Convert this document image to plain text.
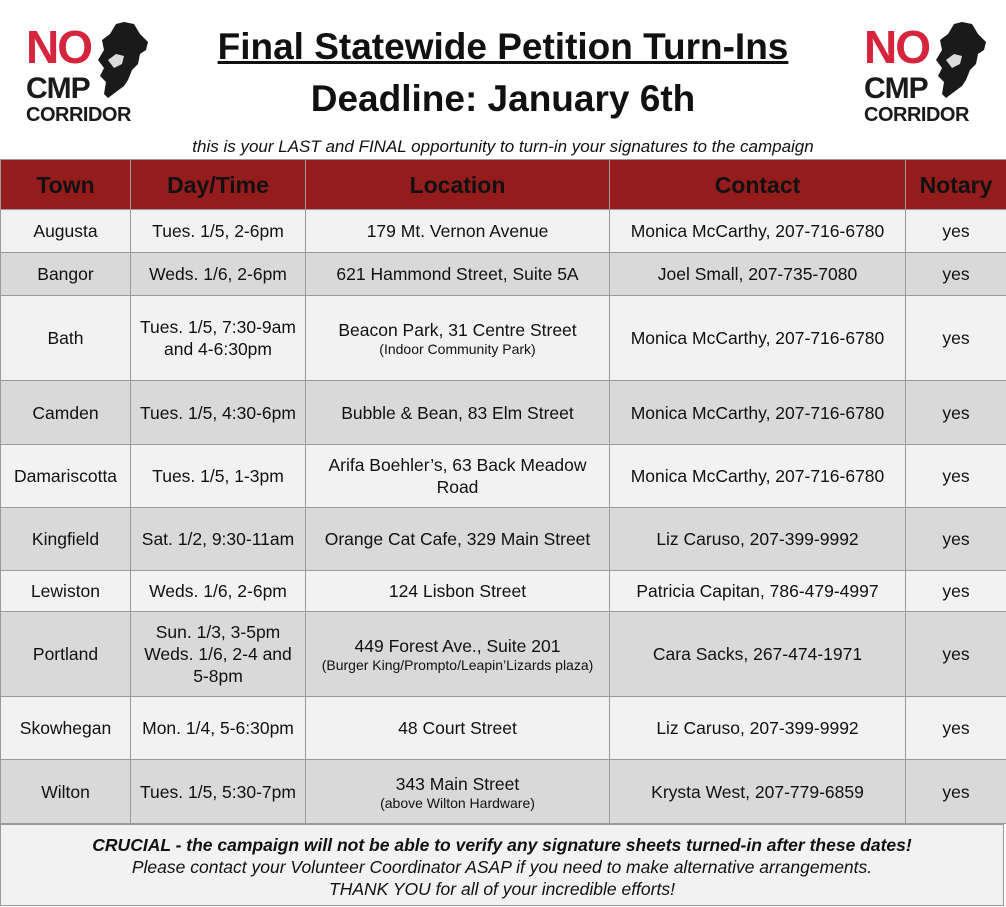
NO
CMP
CORRIDOR
NO
CMP
CORRIDOR
Final Statewide Petition Turn-Ins
Deadline: January 6th
this is your LAST and FINAL opportunity to turn-in your signatures to the campaign
Town	Day/Time	Location	Contact	Notary
Augusta	Tues. 1/5, 2-6pm	179 Mt. Vernon Avenue	Monica McCarthy, 207-716-6780	yes
Bangor	Weds. 1/6, 2-6pm	621 Hammond Street, Suite 5A	Joel Small, 207-735-7080	yes
Bath	Tues. 1/5, 7:30-9am and 4-6:30pm	Beacon Park, 31 Centre Street
(Indoor Community Park)	Monica McCarthy, 207-716-6780	yes
Camden	Tues. 1/5, 4:30-6pm	Bubble & Bean, 83 Elm Street	Monica McCarthy, 207-716-6780	yes
Damariscotta	Tues. 1/5, 1-3pm	Arifa Boehler’s, 63 Back Meadow Road	Monica McCarthy, 207-716-6780	yes
Kingfield	Sat. 1/2, 9:30-11am	Orange Cat Cafe, 329 Main Street	Liz Caruso, 207-399-9992	yes
Lewiston	Weds. 1/6, 2-6pm	124 Lisbon Street	Patricia Capitan, 786-479-4997	yes
Portland	Sun. 1/3, 3-5pm Weds. 1/6, 2-4 and 5-8pm	449 Forest Ave., Suite 201
(Burger King/Prompto/Leapin’Lizards plaza)	Cara Sacks, 267-474-1971	yes
Skowhegan	Mon. 1/4, 5-6:30pm	48 Court Street	Liz Caruso, 207-399-9992	yes
Wilton	Tues. 1/5, 5:30-7pm	343 Main Street
(above Wilton Hardware)	Krysta West, 207-779-6859	yes
CRUCIAL - the campaign will not be able to verify any signature sheets turned-in after these dates!
Please contact your Volunteer Coordinator ASAP if you need to make alternative arrangements.
THANK YOU for all of your incredible efforts!
